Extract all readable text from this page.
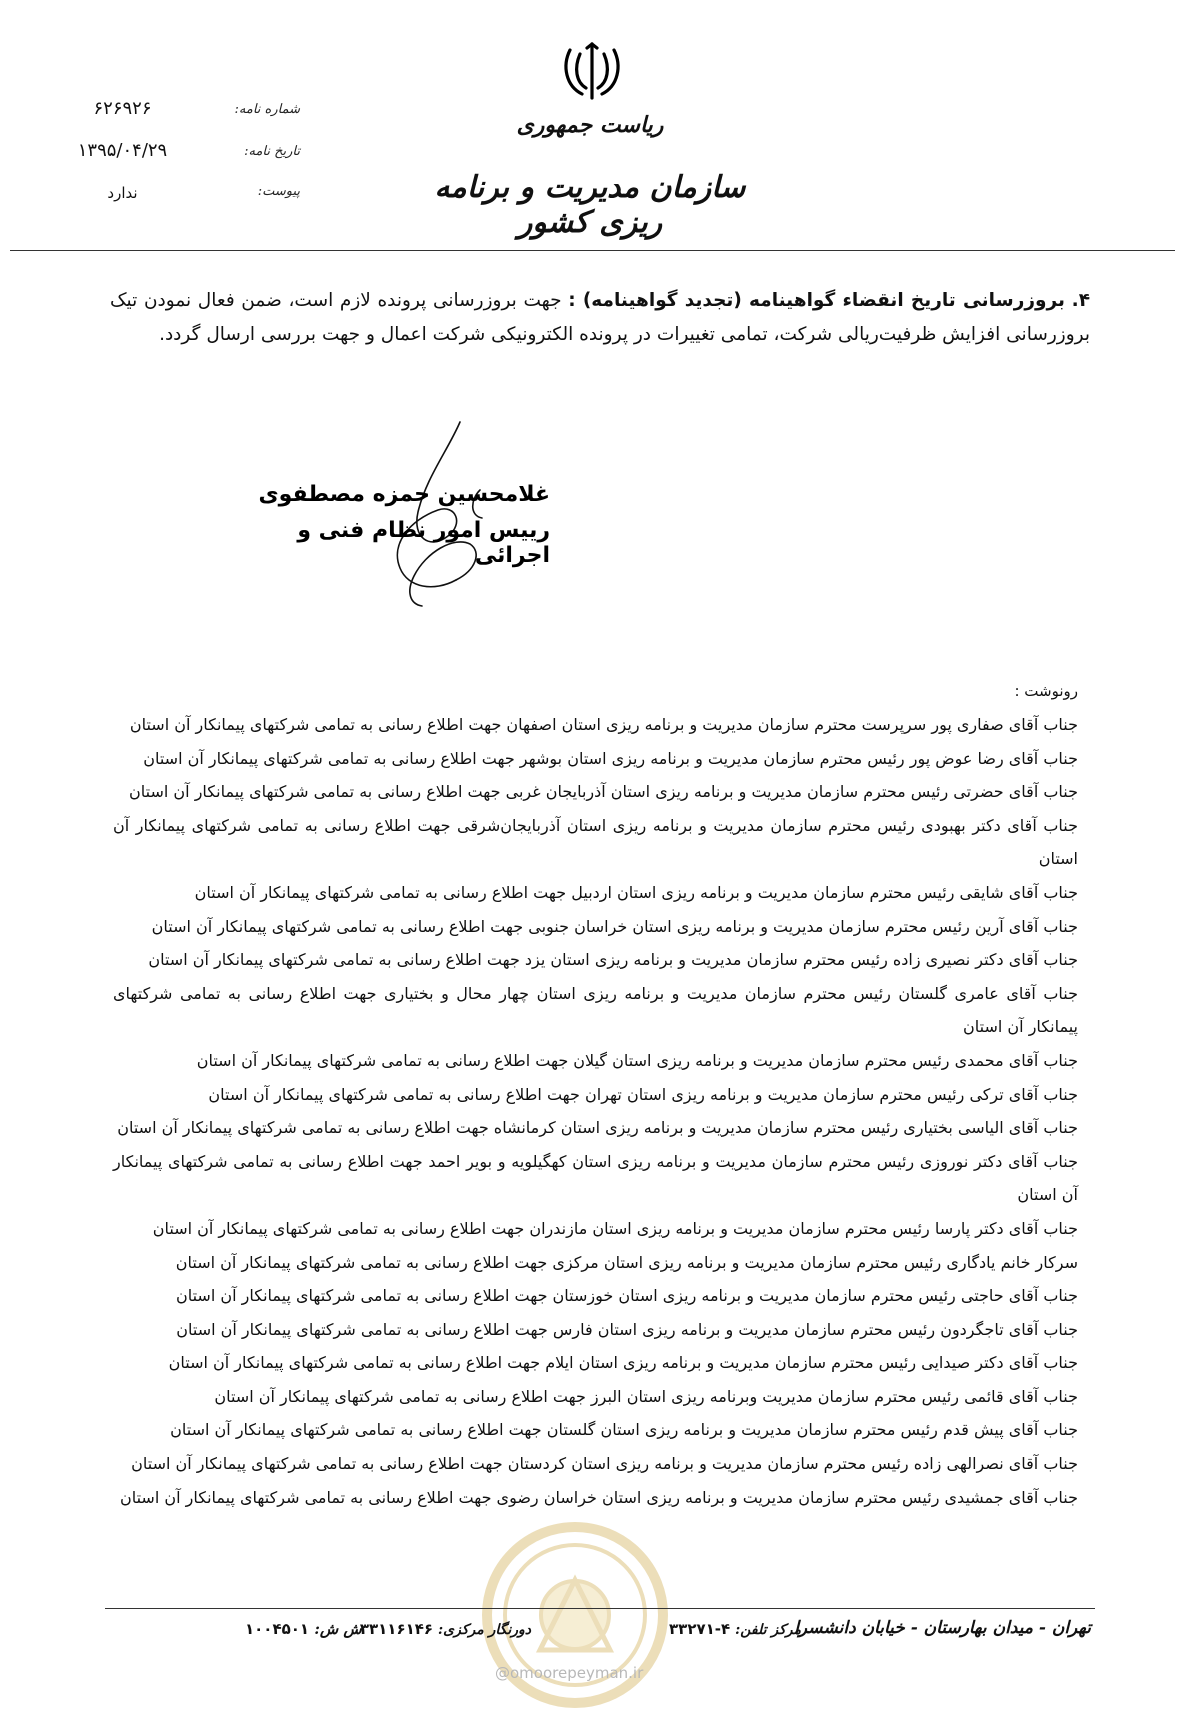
ریاست جمهوری
سازمان مدیریت و برنامه ریزی کشور
شماره نامه:
۶۲۶۹۲۶
تاریخ نامه:
۱۳۹۵/۰۴/۲۹
پیوست:
ندارد
۴. بروزرسانی تاریخ انقضاء گواهینامه (تجدید گواهینامه) : جهت بروزرسانی پرونده لازم است، ضمن فعال نمودن تیک بروزرسانی افزایش ظرفیت‌ریالی شرکت، تمامی تغییرات در پرونده الکترونیکی شرکت اعمال و جهت بررسی ارسال گردد.
غلامحسین حمزه مصطفوی
رییس امور نظام فنی و اجرائی
رونوشت :

جناب آقای صفاری پور سرپرست محترم سازمان مدیریت و برنامه ریزی استان اصفهان جهت اطلاع رسانی به تمامی شرکتهای پیمانکار آن استان

جناب آقای رضا عوض پور رئیس محترم سازمان مدیریت و برنامه ریزی استان بوشهر جهت اطلاع رسانی به تمامی شرکتهای پیمانکار آن استان

جناب آقای حضرتی رئیس محترم سازمان مدیریت و برنامه ریزی استان آذربایجان غربی جهت اطلاع رسانی به تمامی شرکتهای پیمانکار آن استان

جناب آقای دکتر بهبودی رئیس محترم سازمان مدیریت و برنامه ریزی استان آذربایجان‌شرقی جهت اطلاع رسانی به تمامی شرکتهای پیمانکار آن استان

جناب آقای شایقی رئیس محترم سازمان مدیریت و برنامه ریزی استان اردبیل جهت اطلاع رسانی به تمامی شرکتهای پیمانکار آن استان

جناب آقای آرین رئیس محترم سازمان مدیریت و برنامه ریزی استان خراسان جنوبی جهت اطلاع رسانی به تمامی شرکتهای پیمانکار آن استان

جناب آقای دکتر نصیری زاده رئیس محترم سازمان مدیریت و برنامه ریزی استان یزد جهت اطلاع رسانی به تمامی شرکتهای پیمانکار آن استان

جناب آقای عامری گلستان رئیس محترم سازمان مدیریت و برنامه ریزی استان چهار محال و بختیاری جهت اطلاع رسانی به تمامی شرکتهای پیمانکار آن استان

جناب آقای محمدی رئیس محترم سازمان مدیریت و برنامه ریزی استان گیلان جهت اطلاع رسانی به تمامی شرکتهای پیمانکار آن استان

جناب آقای ترکی رئیس محترم سازمان مدیریت و برنامه ریزی استان تهران جهت اطلاع رسانی به تمامی شرکتهای پیمانکار آن استان

جناب آقای الیاسی بختیاری رئیس محترم سازمان مدیریت و برنامه ریزی استان کرمانشاه جهت اطلاع رسانی به تمامی شرکتهای پیمانکار آن استان

جناب آقای دکتر نوروزی رئیس محترم سازمان مدیریت و برنامه ریزی استان کهگیلویه و بویر احمد جهت اطلاع رسانی به تمامی شرکتهای پیمانکار آن استان

جناب آقای دکتر پارسا رئیس محترم سازمان مدیریت و برنامه ریزی استان مازندران جهت اطلاع رسانی به تمامی شرکتهای پیمانکار آن استان

سرکار خانم یادگاری رئیس محترم سازمان مدیریت و برنامه ریزی استان مرکزی جهت اطلاع رسانی به تمامی شرکتهای پیمانکار آن استان

جناب آقای حاجتی رئیس محترم سازمان مدیریت و برنامه ریزی استان خوزستان جهت اطلاع رسانی به تمامی شرکتهای پیمانکار آن استان

جناب آقای تاجگردون رئیس محترم سازمان مدیریت و برنامه ریزی استان فارس جهت اطلاع رسانی به تمامی شرکتهای پیمانکار آن استان

جناب آقای دکتر صیدایی رئیس محترم سازمان مدیریت و برنامه ریزی استان ایلام جهت اطلاع رسانی به تمامی شرکتهای پیمانکار آن استان

جناب آقای قائمی رئیس محترم سازمان مدیریت وبرنامه ریزی استان البرز جهت اطلاع رسانی به تمامی شرکتهای پیمانکار آن استان

جناب آقای پیش قدم رئیس محترم سازمان مدیریت و برنامه ریزی استان گلستان جهت اطلاع رسانی به تمامی شرکتهای پیمانکار آن استان

جناب آقای نصرالهی زاده رئیس محترم سازمان مدیریت و برنامه ریزی استان کردستان جهت اطلاع رسانی به تمامی شرکتهای پیمانکار آن استان

جناب آقای جمشیدی رئیس محترم سازمان مدیریت و برنامه ریزی استان خراسان رضوی جهت اطلاع رسانی به تمامی شرکتهای پیمانکار آن استان

تهران - میدان بهارستان - خیابان دانشسرا
مرکز تلفن: ۴-۳۳۲۷۱
دورنگار مرکزی: ۳۳۱۱۶۱۴۶
ش ش: ۱۰۰۴۵۰۱
@omoorepeyman.ir
